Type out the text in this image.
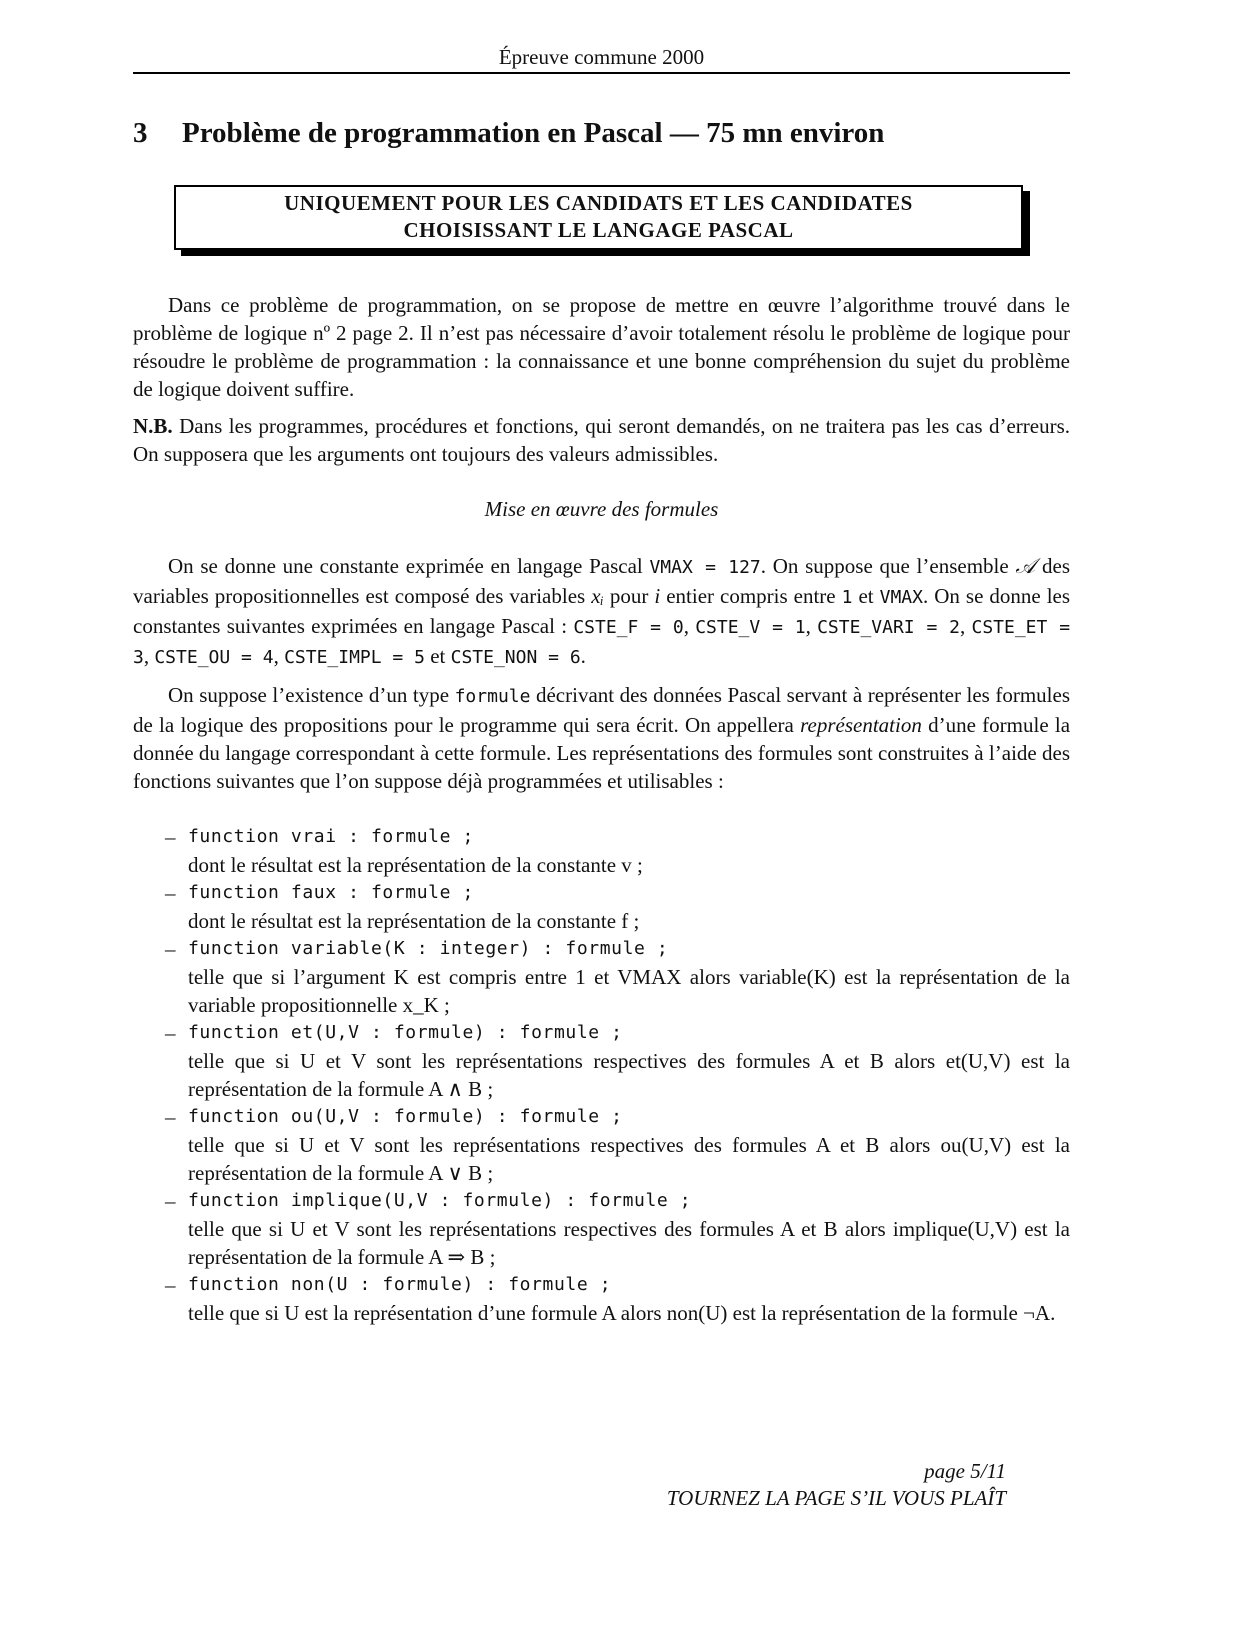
Épreuve commune 2000
3 Problème de programmation en Pascal — 75 mn environ
UNIQUEMENT POUR LES CANDIDATS ET LES CANDIDATES
CHOISISSANT LE LANGAGE PASCAL

Dans ce problème de programmation, on se propose de mettre en œuvre l’algorithme trouvé dans le problème de logique nº 2 page 2. Il n’est pas nécessaire d’avoir totalement résolu le problème de logique pour résoudre le problème de programmation : la connaissance et une bonne compréhension du sujet du problème de logique doivent suffire.

N.B. Dans les programmes, procédures et fonctions, qui seront demandés, on ne traitera pas les cas d’erreurs. On supposera que les arguments ont toujours des valeurs admissibles.

Mise en œuvre des formules

On se donne une constante exprimée en langage Pascal VMAX = 127. On suppose que l’ensemble 𝒜 des variables propositionnelles est composé des variables xᵢ pour i entier compris entre 1 et VMAX. On se donne les constantes suivantes exprimées en langage Pascal : CSTE_F = 0, CSTE_V = 1, CSTE_VARI = 2, CSTE_ET = 3, CSTE_OU = 4, CSTE_IMPL = 5 et CSTE_NON = 6.

On suppose l’existence d’un type formule décrivant des données Pascal servant à représenter les formules de la logique des propositions pour le programme qui sera écrit. On appellera représentation d’une formule la donnée du langage correspondant à cette formule. Les représentations des formules sont construites à l’aide des fonctions suivantes que l’on suppose déjà programmées et utilisables :

– function vrai : formule ;
dont le résultat est la représentation de la constante v ;
– function faux : formule ;
dont le résultat est la représentation de la constante f ;
– function variable(K : integer) : formule ;
telle que si l’argument K est compris entre 1 et VMAX alors variable(K) est la représentation de la variable propositionnelle x_K ;
– function et(U,V : formule) : formule ;
telle que si U et V sont les représentations respectives des formules A et B alors et(U,V) est la représentation de la formule A ∧ B ;
– function ou(U,V : formule) : formule ;
telle que si U et V sont les représentations respectives des formules A et B alors ou(U,V) est la représentation de la formule A ∨ B ;
– function implique(U,V : formule) : formule ;
telle que si U et V sont les représentations respectives des formules A et B alors implique(U,V) est la représentation de la formule A ⇒ B ;
– function non(U : formule) : formule ;
telle que si U est la représentation d’une formule A alors non(U) est la représentation de la formule ¬A.
page 5/11
TOURNEZ LA PAGE S’IL VOUS PLAÎT
